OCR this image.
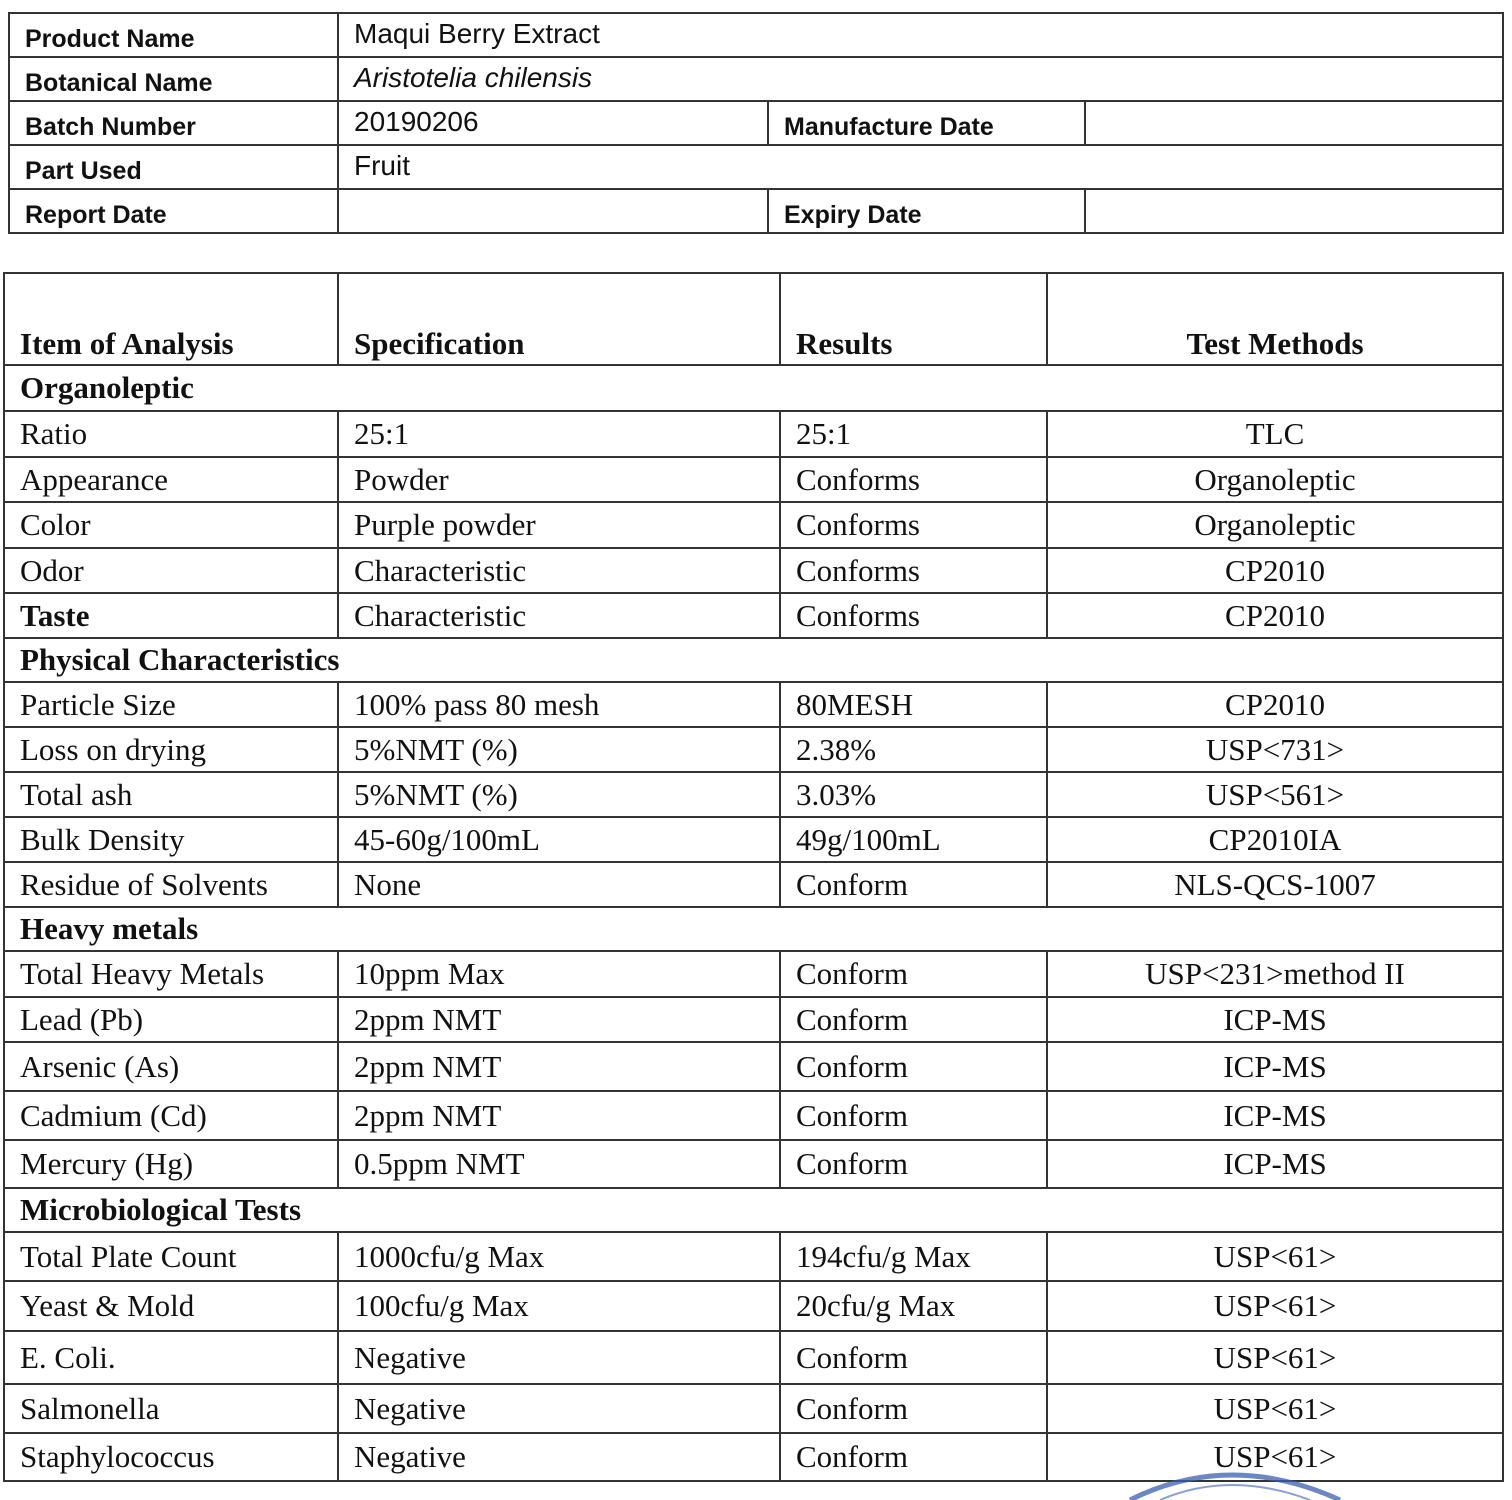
Product Name	Maqui Berry Extract		
Botanical Name	Aristotelia chilensis		
Batch Number	20190206	Manufacture Date	
Part Used	Fruit		
Report Date		Expiry Date	
Item of Analysis	Specification	Results	Test Methods
Organoleptic			
Ratio	25:1	25:1	TLC
Appearance	Powder	Conforms	Organoleptic
Color	Purple powder	Conforms	Organoleptic
Odor	Characteristic	Conforms	CP2010
Taste	Characteristic	Conforms	CP2010
Physical Characteristics			
Particle Size	100% pass 80 mesh	80MESH	CP2010
Loss on drying	5%NMT (%)	2.38%	USP<731>
Total ash	5%NMT (%)	3.03%	USP<561>
Bulk Density	45-60g/100mL	49g/100mL	CP2010IA
Residue of Solvents	None	Conform	NLS-QCS-1007
Heavy metals			
Total Heavy Metals	10ppm Max	Conform	USP<231>method II
Lead (Pb)	2ppm NMT	Conform	ICP-MS
Arsenic (As)	2ppm NMT	Conform	ICP-MS
Cadmium (Cd)	2ppm NMT	Conform	ICP-MS
Mercury (Hg)	0.5ppm NMT	Conform	ICP-MS
Microbiological Tests			
Total Plate Count	1000cfu/g Max	194cfu/g Max	USP<61>
Yeast & Mold	100cfu/g Max	20cfu/g Max	USP<61>
E. Coli.	Negative	Conform	USP<61>
Salmonella	Negative	Conform	USP<61>
Staphylococcus	Negative	Conform	USP<61>
